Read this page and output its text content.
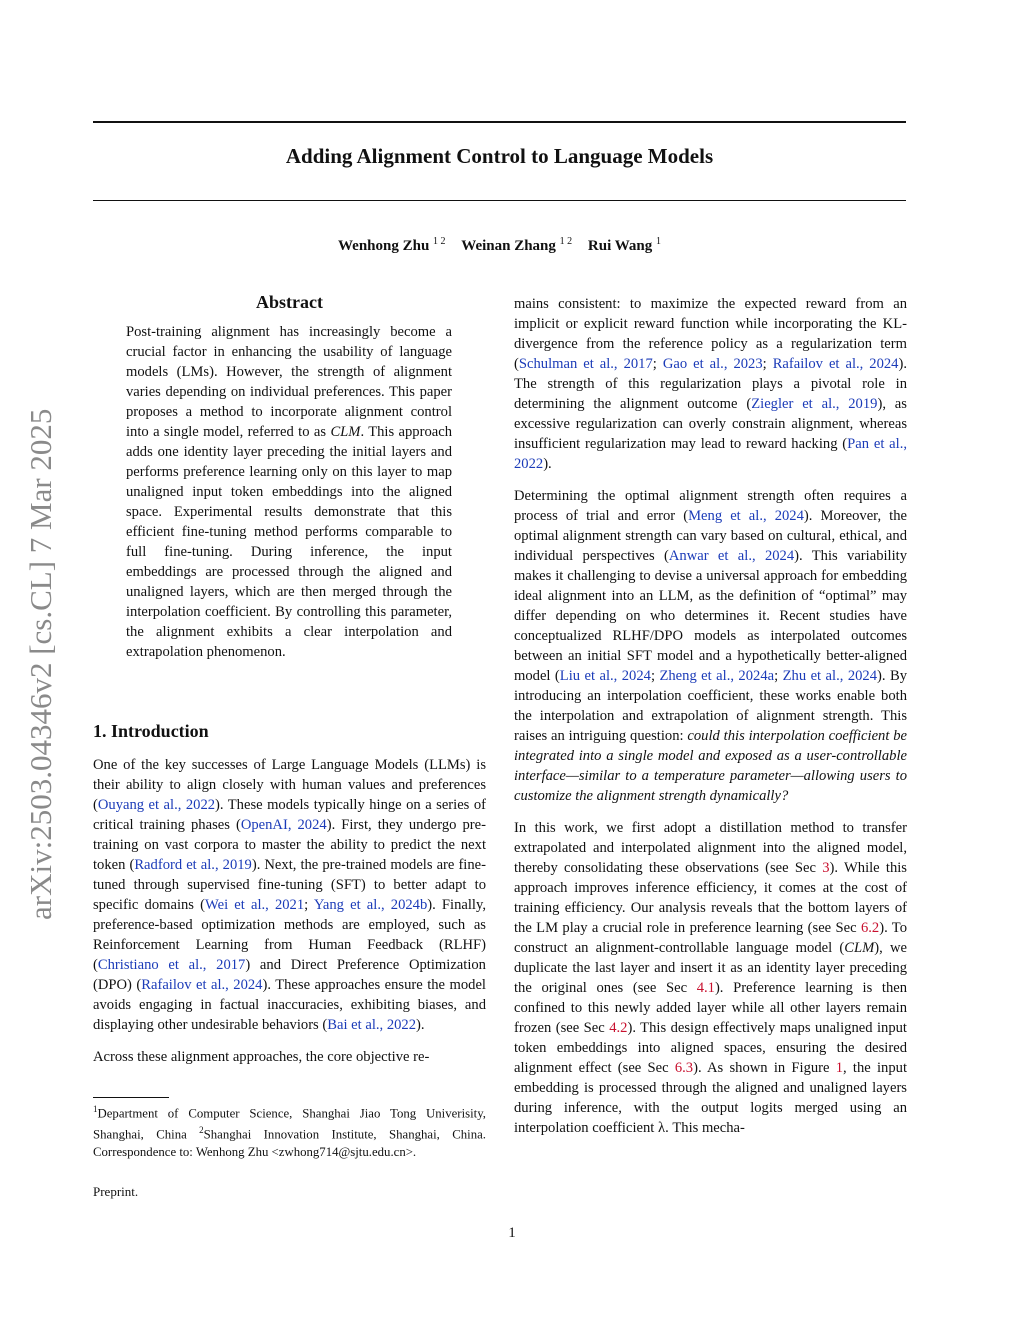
arXiv:2503.04346v2 [cs.CL] 7 Mar 2025
Adding Alignment Control to Language Models
Wenhong Zhu $^{1 2}$ Weinan Zhang $^{1 2}$ Rui Wang $^1$
Abstract
Post-training alignment has increasingly become a crucial factor in enhancing the usability of language models (LMs). However, the strength of alignment varies depending on individual preferences. This paper proposes a method to incorporate alignment control into a single model, referred to as CLM. This approach adds one identity layer preceding the initial layers and performs preference learning only on this layer to map unaligned input token embeddings into the aligned space. Experimental results demonstrate that this efficient fine-tuning method performs comparable to full fine-tuning. During inference, the input embeddings are processed through the aligned and unaligned layers, which are then merged through the interpolation coefficient. By controlling this parameter, the alignment exhibits a clear interpolation and extrapolation phenomenon.
1. Introduction

One of the key successes of Large Language Models (LLMs) is their ability to align closely with human values and preferences (Ouyang et al., 2022). These models typically hinge on a series of critical training phases (OpenAI, 2024). First, they undergo pre-training on vast corpora to master the ability to predict the next token (Radford et al., 2019). Next, the pre-trained models are fine-tuned through supervised fine-tuning (SFT) to better adapt to specific domains (Wei et al., 2021; Yang et al., 2024b). Finally, preference-based optimization methods are employed, such as Reinforcement Learning from Human Feedback (RLHF) (Christiano et al., 2017) and Direct Preference Optimization (DPO) (Rafailov et al., 2024). These approaches ensure the model avoids engaging in factual inaccuracies, exhibiting biases, and displaying other undesirable behaviors (Bai et al., 2022).

Across these alignment approaches, the core objective re-

$^1$Department of Computer Science, Shanghai Jiao Tong Univerisity, Shanghai, China $^2$Shanghai Innovation Institute, Shanghai, China. Correspondence to: Wenhong Zhu <zwhong714@sjtu.edu.cn>.
Preprint.

mains consistent: to maximize the expected reward from an implicit or explicit reward function while incorporating the KL-divergence from the reference policy as a regularization term (Schulman et al., 2017; Gao et al., 2023; Rafailov et al., 2024). The strength of this regularization plays a pivotal role in determining the alignment outcome (Ziegler et al., 2019), as excessive regularization can overly constrain alignment, whereas insufficient regularization may lead to reward hacking (Pan et al., 2022).

Determining the optimal alignment strength often requires a process of trial and error (Meng et al., 2024). Moreover, the optimal alignment strength can vary based on cultural, ethical, and individual perspectives (Anwar et al., 2024). This variability makes it challenging to devise a universal approach for embedding ideal alignment into an LLM, as the definition of “optimal” may differ depending on who determines it. Recent studies have conceptualized RLHF/DPO models as interpolated outcomes between an initial SFT model and a hypothetically better-aligned model (Liu et al., 2024; Zheng et al., 2024a; Zhu et al., 2024). By introducing an interpolation coefficient, these works enable both the interpolation and extrapolation of alignment strength. This raises an intriguing question: could this interpolation coefficient be integrated into a single model and exposed as a user-controllable interface—similar to a temperature parameter—allowing users to customize the alignment strength dynamically?

In this work, we first adopt a distillation method to transfer extrapolated and interpolated alignment into the aligned model, thereby consolidating these observations (see Sec 3). While this approach improves inference efficiency, it comes at the cost of training efficiency. Our analysis reveals that the bottom layers of the LM play a crucial role in preference learning (see Sec 6.2). To construct an alignment-controllable language model (CLM), we duplicate the last layer and insert it as an identity layer preceding the original ones (see Sec 4.1). Preference learning is then confined to this newly added layer while all other layers remain frozen (see Sec 4.2). This design effectively maps unaligned input token embeddings into aligned spaces, ensuring the desired alignment effect (see Sec 6.3). As shown in Figure 1, the input embedding is processed through the aligned and unaligned layers during inference, with the output logits merged using an interpolation coefficient λ. This mecha-

1
